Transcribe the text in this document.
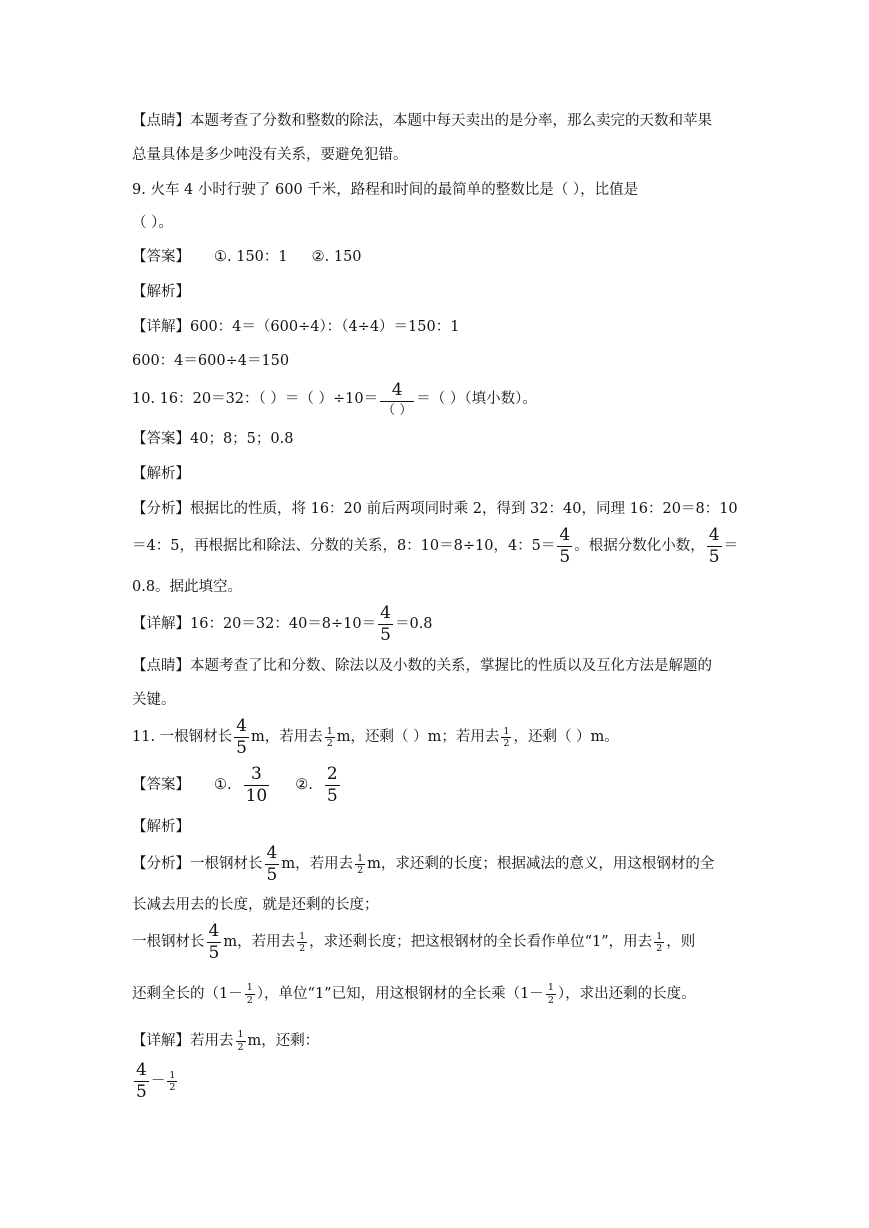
【点睛】本题考查了分数和整数的除法，本题中每天卖出的是分率，那么卖完的天数和苹果
总量具体是多少吨没有关系，要避免犯错。
9. 火车 4 小时行驶了 600 千米，路程和时间的最简单的整数比是（ ），比值是
（ ）。
【答案】 ①. 150：1 ②. 150
【解析】
【详解】600：4＝（600÷4）：（4÷4）＝150：1
600：4＝600÷4＝150
10. 16：20＝32：（ ）＝（ ）$\div 10= \frac{4}{( )}$ ＝（ ）（填小数）。
【答案】40；8；5；0.8
【解析】
【分析】根据比的性质，将 16：20 前后两项同时乘 2，得到 32：40，同理 16：20＝8：10
＝4：5，再根据比和除法、分数的关系，8：10＝8÷10，4：$5= \frac{4}{5}$ 。根据分数化小数， $\frac{4}{5}$ ＝
0.8。据此填空。
【详解】16：20＝32：$40=8\div 10= \frac{4}{5} =0.8$
【点睛】本题考查了比和分数、除法以及小数的关系，掌握比的性质以及互化方法是解题的
关键。
11. 一根钢材长 $\frac{4}{5}$ m，若用去 $\frac{1}{2}$ m，还剩（ ）m；若用去 $\frac{1}{2}$ ，还剩（ ）m。
【答案】 ①. $\frac{3}{10}$ ②. $\frac{2}{5}$
【解析】
【分析】一根钢材长 $\frac{4}{5}$ m，若用去 $\frac{1}{2}$ m，求还剩的长度；根据减法的意义，用这根钢材的全
长减去用去的长度，就是还剩的长度；
一根钢材长 $\frac{4}{5}$ m，若用去 $\frac{1}{2}$ ，求还剩长度；把这根钢材的全长看作单位“1”，用去 $\frac{1}{2}$ ，则
还剩全长的（$1- \frac{1}{2}$ ），单位“1”已知，用这根钢材的全长乘（$1- \frac{1}{2}$ ），求出还剩的长度。
【详解】若用去 $\frac{1}{2}$ m，还剩：
$\frac{4}{5} - \frac{1}{2}$
